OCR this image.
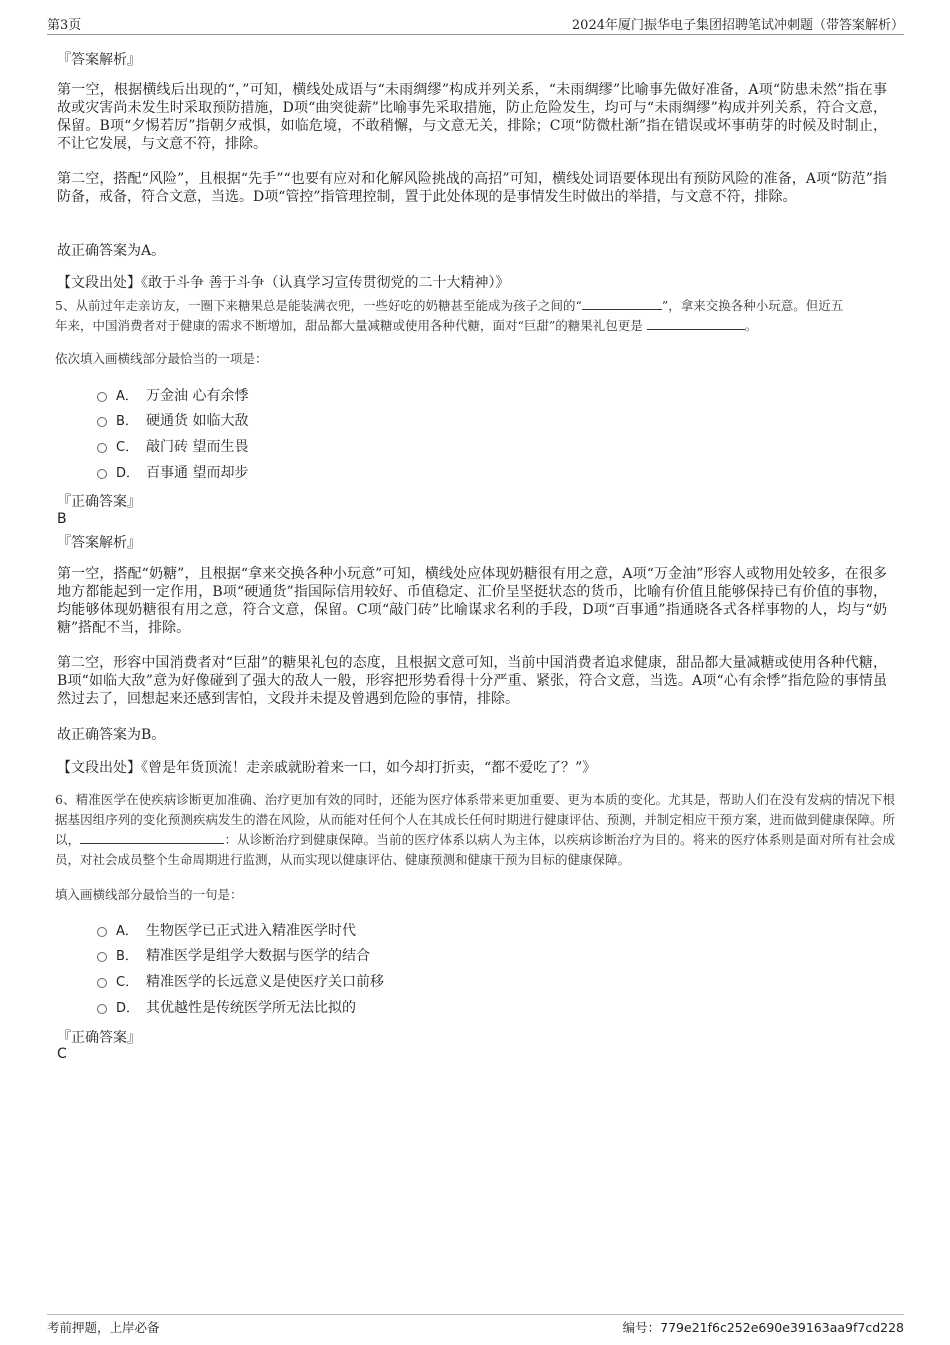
第3页	2024年厦门振华电子集团招聘笔试冲刺题（带答案解析）
『答案解析』
第一空，根据横线后出现的“，”可知，横线处成语与“未雨绸缪”构成并列关系，“未雨绸缪”比喻事先做好准备，A项“防患未然”指在事故或灾害尚未发生时采取预防措施，D项“曲突徙薪”比喻事先采取措施，防止危险发生，均可与“未雨绸缪”构成并列关系，符合文意，保留。B项“夕惕若厉”指朝夕戒惧，如临危境，不敢稍懈，与文意无关，排除；C项“防微杜渐”指在错误或坏事萌芽的时候及时制止，不让它发展，与文意不符，排除。
第二空，搭配“风险”，且根据“先手”“也要有应对和化解风险挑战的高招”可知，横线处词语要体现出有预防风险的准备，A项“防范”指防备，戒备，符合文意，当选。D项“管控”指管理控制，置于此处体现的是事情发生时做出的举措，与文意不符，排除。
故正确答案为A。
【文段出处】《敢于斗争 善于斗争（认真学习宣传贯彻党的二十大精神）》
5、从前过年走亲访友，一圈下来糖果总是能装满衣兜，一些好吃的奶糖甚至能成为孩子之间的“	”，拿来交换各种小玩意。但近五
年来，中国消费者对于健康的需求不断增加，甜品都大量减糖或使用各种代糖，面对“巨甜”的糖果礼包更是	。
依次填入画横线部分最恰当的一项是：
A． 万金油 心有余悸
B． 硬通货 如临大敌
C． 敲门砖 望而生畏
D． 百事通 望而却步
『正确答案』
B
『答案解析』
第一空，搭配“奶糖”，且根据“拿来交换各种小玩意”可知，横线处应体现奶糖很有用之意，A项“万金油”形容人或物用处较多，在很多地方都能起到一定作用，B项“硬通货”指国际信用较好、币值稳定、汇价呈坚挺状态的货币，比喻有价值且能够保持已有价值的事物，均能够体现奶糖很有用之意，符合文意，保留。C项“敲门砖”比喻谋求名利的手段，D项“百事通”指通晓各式各样事物的人，均与“奶糖”搭配不当，排除。
第二空，形容中国消费者对“巨甜”的糖果礼包的态度，且根据文意可知，当前中国消费者追求健康，甜品都大量减糖或使用各种代糖，B项“如临大敌”意为好像碰到了强大的敌人一般，形容把形势看得十分严重、紧张，符合文意，当选。A项“心有余悸”指危险的事情虽然过去了，回想起来还感到害怕，文段并未提及曾遇到危险的事情，排除。
故正确答案为B。
【文段出处】《曾是年货顶流！走亲戚就盼着来一口，如今却打折卖，“都不爱吃了？”》
6、精准医学在使疾病诊断更加准确、治疗更加有效的同时，还能为医疗体系带来更加重要、更为本质的变化。尤其是，帮助人们在没有发病的情况下根据基因组序列的变化预测疾病发生的潜在风险，从而能对任何个人在其成长任何时期进行健康评估、预测，并制定相应干预方案，进而做到健康保障。所以，	：从诊断治疗到健康保障。当前的医疗体系以病人为主体，以疾病诊断治疗为目的。将来的医疗体系则是面对所有社会成员，对社会成员整个生命周期进行监测，从而实现以健康评估、健康预测和健康干预为目标的健康保障。
填入画横线部分最恰当的一句是：
A． 生物医学已正式进入精准医学时代
B． 精准医学是组学大数据与医学的结合
C． 精准医学的长远意义是使医疗关口前移
D． 其优越性是传统医学所无法比拟的
『正确答案』
C
考前押题，上岸必备	编号：779e21f6c252e690e39163aa9f7cd228
